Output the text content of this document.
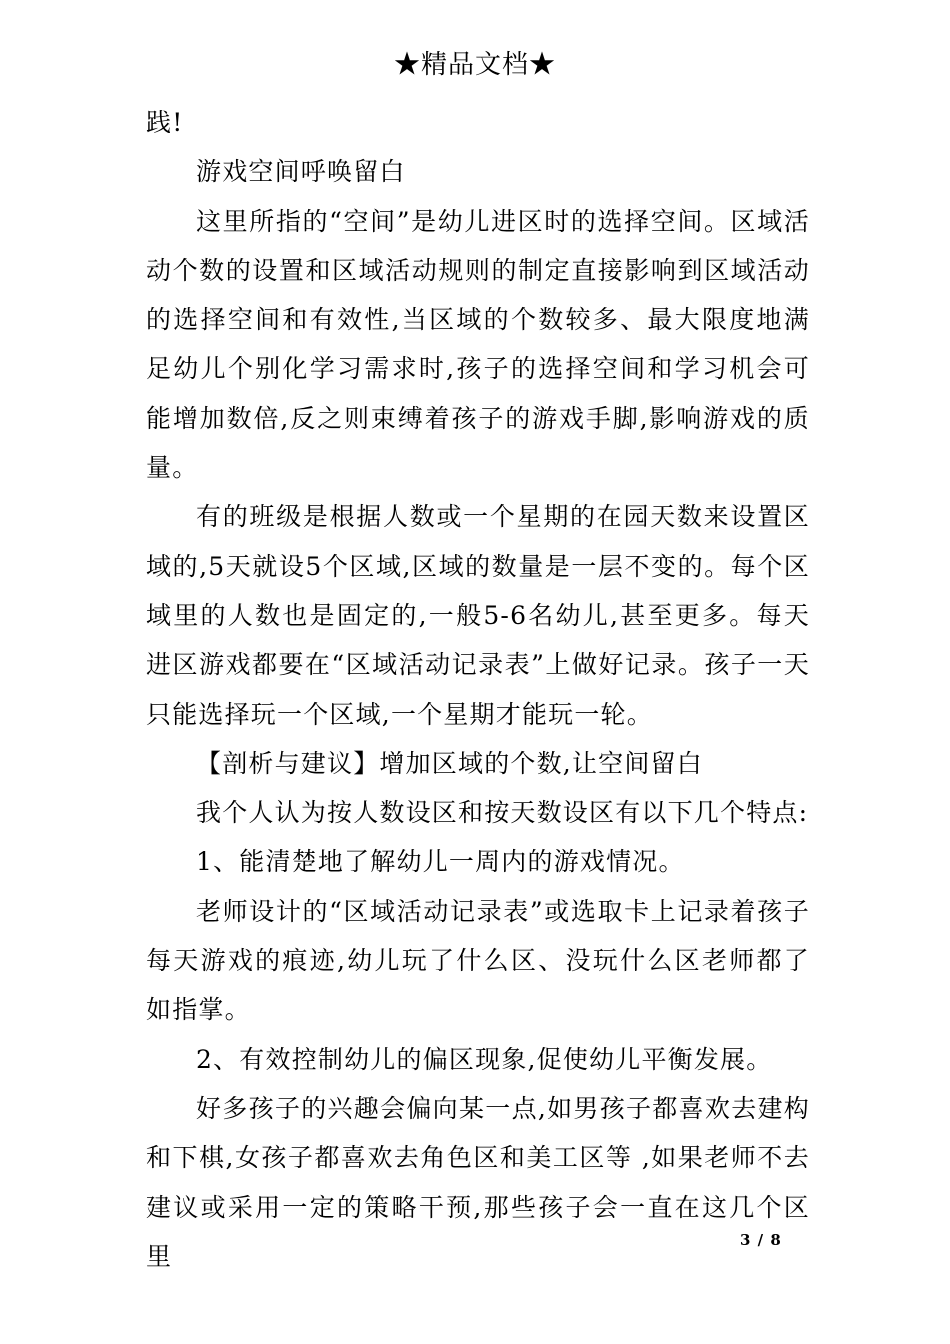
★精品文档★

践!

游戏空间呼唤留白

这里所指的“空间”是幼儿进区时的选择空间。区域活动个数的设置和区域活动规则的制定直接影响到区域活动的选择空间和有效性,当区域的个数较多、最大限度地满足幼儿个别化学习需求时,孩子的选择空间和学习机会可能增加数倍,反之则束缚着孩子的游戏手脚,影响游戏的质量。

有的班级是根据人数或一个星期的在园天数来设置区域的,5天就设5个区域,区域的数量是一层不变的。每个区域里的人数也是固定的,一般5-6名幼儿,甚至更多。每天进区游戏都要在“区域活动记录表”上做好记录。孩子一天只能选择玩一个区域,一个星期才能玩一轮。

【剖析与建议】增加区域的个数,让空间留白

我个人认为按人数设区和按天数设区有以下几个特点:

1、能清楚地了解幼儿一周内的游戏情况。

老师设计的“区域活动记录表”或选取卡上记录着孩子每天游戏的痕迹,幼儿玩了什么区、没玩什么区老师都了如指掌。

2、有效控制幼儿的偏区现象,促使幼儿平衡发展。

好多孩子的兴趣会偏向某一点,如男孩子都喜欢去建构和下棋,女孩子都喜欢去角色区和美工区等 ,如果老师不去建议或采用一定的策略干预,那些孩子会一直在这几个区里

3 / 8
